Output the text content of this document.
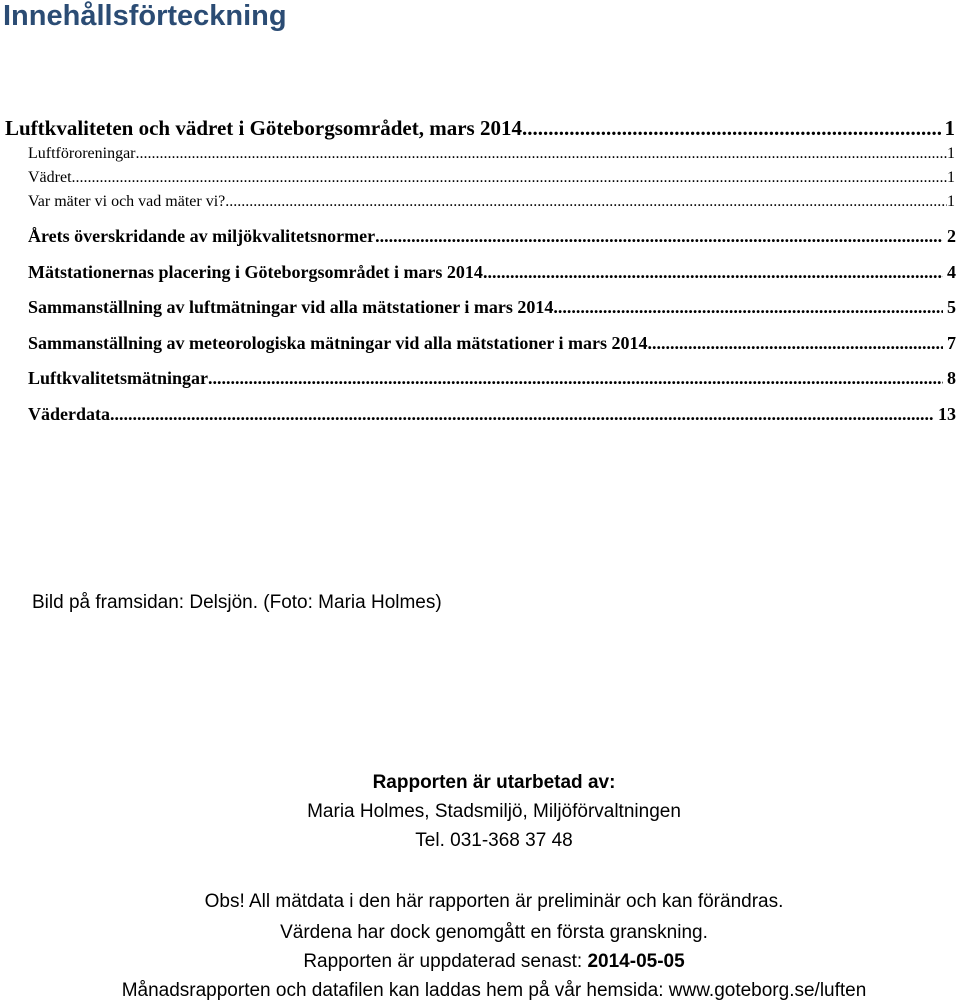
Innehållsförteckning
Luftkvaliteten och vädret i Göteborgsområdet, mars 2014 .....	1
Luftföroreningar .....	1
Vädret .....	1
Var mäter vi och vad mäter vi? .....	1
Årets överskridande av miljökvalitetsnormer .....	2
Mätstationernas placering i Göteborgsområdet i mars 2014 .....	4
Sammanställning av luftmätningar vid alla mätstationer i mars 2014 .....	5
Sammanställning av meteorologiska mätningar vid alla mätstationer i mars 2014 .....	7
Luftkvalitetsmätningar .....	8
Väderdata .....	13
Bild på framsidan: Delsjön. (Foto: Maria Holmes)
Rapporten är utarbetad av:
Maria Holmes, Stadsmiljö, Miljöförvaltningen
Tel. 031-368 37 48
Obs! All mätdata i den här rapporten är preliminär och kan förändras.
Värdena har dock genomgått en första granskning.
Rapporten är uppdaterad senast: 2014-05-05
Månadsrapporten och datafilen kan laddas hem på vår hemsida: www.goteborg.se/luften
